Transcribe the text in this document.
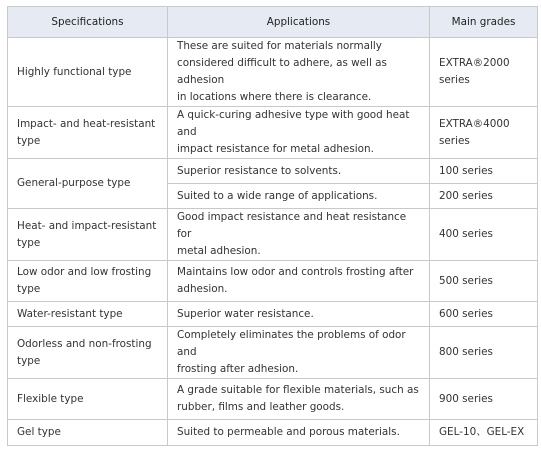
Specifications	Applications	Main grades
Highly functional type	These are suited for materials normally
considered difficult to adhere, as well as adhesion
in locations where there is clearance.	EXTRA®2000
series

Impact- and heat-resistant
type	A quick-curing adhesive type with good heat and
impact resistance for metal adhesion.	EXTRA®4000
series

General-purpose type	Superior resistance to solvents.	100 series
	Suited to a wide range of applications.	200 series

Heat- and impact-resistant
type	Good impact resistance and heat resistance for
metal adhesion.	400 series

Low odor and low frosting
type	Maintains low odor and controls frosting after
adhesion.	500 series
Water-resistant type	Superior water resistance.	600 series

Odorless and non-frosting
type	Completely eliminates the problems of odor and
frosting after adhesion.	800 series
Flexible type	A grade suitable for flexible materials, such as
rubber, films and leather goods.	900 series
Gel type	Suited to permeable and porous materials.	GEL-10、GEL-EX
